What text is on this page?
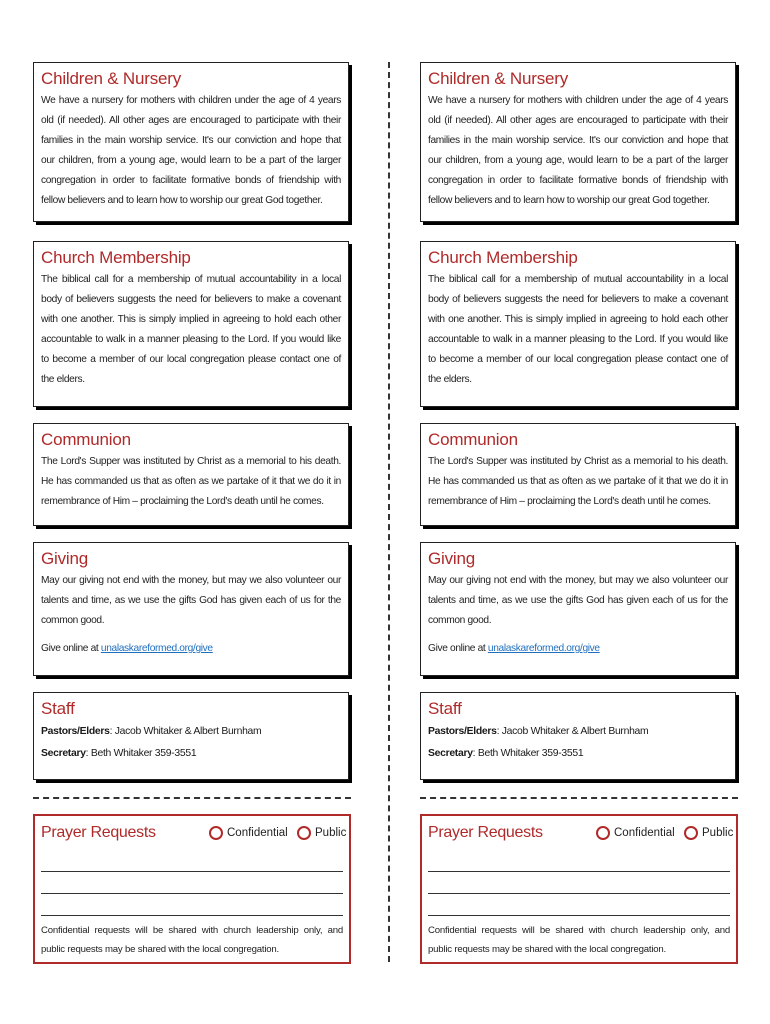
Children & Nursery

We have a nursery for mothers with children under the age of 4 years old (if needed). All other ages are encouraged to participate with their families in the main worship service. It's our conviction and hope that our children, from a young age, would learn to be a part of the larger congregation in order to facilitate formative bonds of friendship with fellow believers and to learn how to worship our great God together.

Church Membership

The biblical call for a membership of mutual accountability in a local body of believers suggests the need for believers to make a covenant with one another. This is simply implied in agreeing to hold each other accountable to walk in a manner pleasing to the Lord. If you would like to become a member of our local congregation please contact one of the elders.

Communion

The Lord's Supper was instituted by Christ as a memorial to his death. He has commanded us that as often as we partake of it that we do it in remembrance of Him – proclaiming the Lord's death until he comes.

Giving

May our giving not end with the money, but may we also volunteer our talents and time, as we use the gifts God has given each of us for the common good.

Give online at unalaskareformed.org/give

Staff
Pastors/Elders: Jacob Whitaker & Albert Burnham
Secretary: Beth Whitaker 359-3551
Prayer Requests	Confidential Public

Confidential requests will be shared with church leadership only, and public requests may be shared with the local congregation.

Children & Nursery

We have a nursery for mothers with children under the age of 4 years old (if needed). All other ages are encouraged to participate with their families in the main worship service. It's our conviction and hope that our children, from a young age, would learn to be a part of the larger congregation in order to facilitate formative bonds of friendship with fellow believers and to learn how to worship our great God together.

Church Membership

The biblical call for a membership of mutual accountability in a local body of believers suggests the need for believers to make a covenant with one another. This is simply implied in agreeing to hold each other accountable to walk in a manner pleasing to the Lord. If you would like to become a member of our local congregation please contact one of the elders.

Communion

The Lord's Supper was instituted by Christ as a memorial to his death. He has commanded us that as often as we partake of it that we do it in remembrance of Him – proclaiming the Lord's death until he comes.

Giving

May our giving not end with the money, but may we also volunteer our talents and time, as we use the gifts God has given each of us for the common good.

Give online at unalaskareformed.org/give

Staff
Pastors/Elders: Jacob Whitaker & Albert Burnham
Secretary: Beth Whitaker 359-3551
Prayer Requests	Confidential Public

Confidential requests will be shared with church leadership only, and public requests may be shared with the local congregation.
